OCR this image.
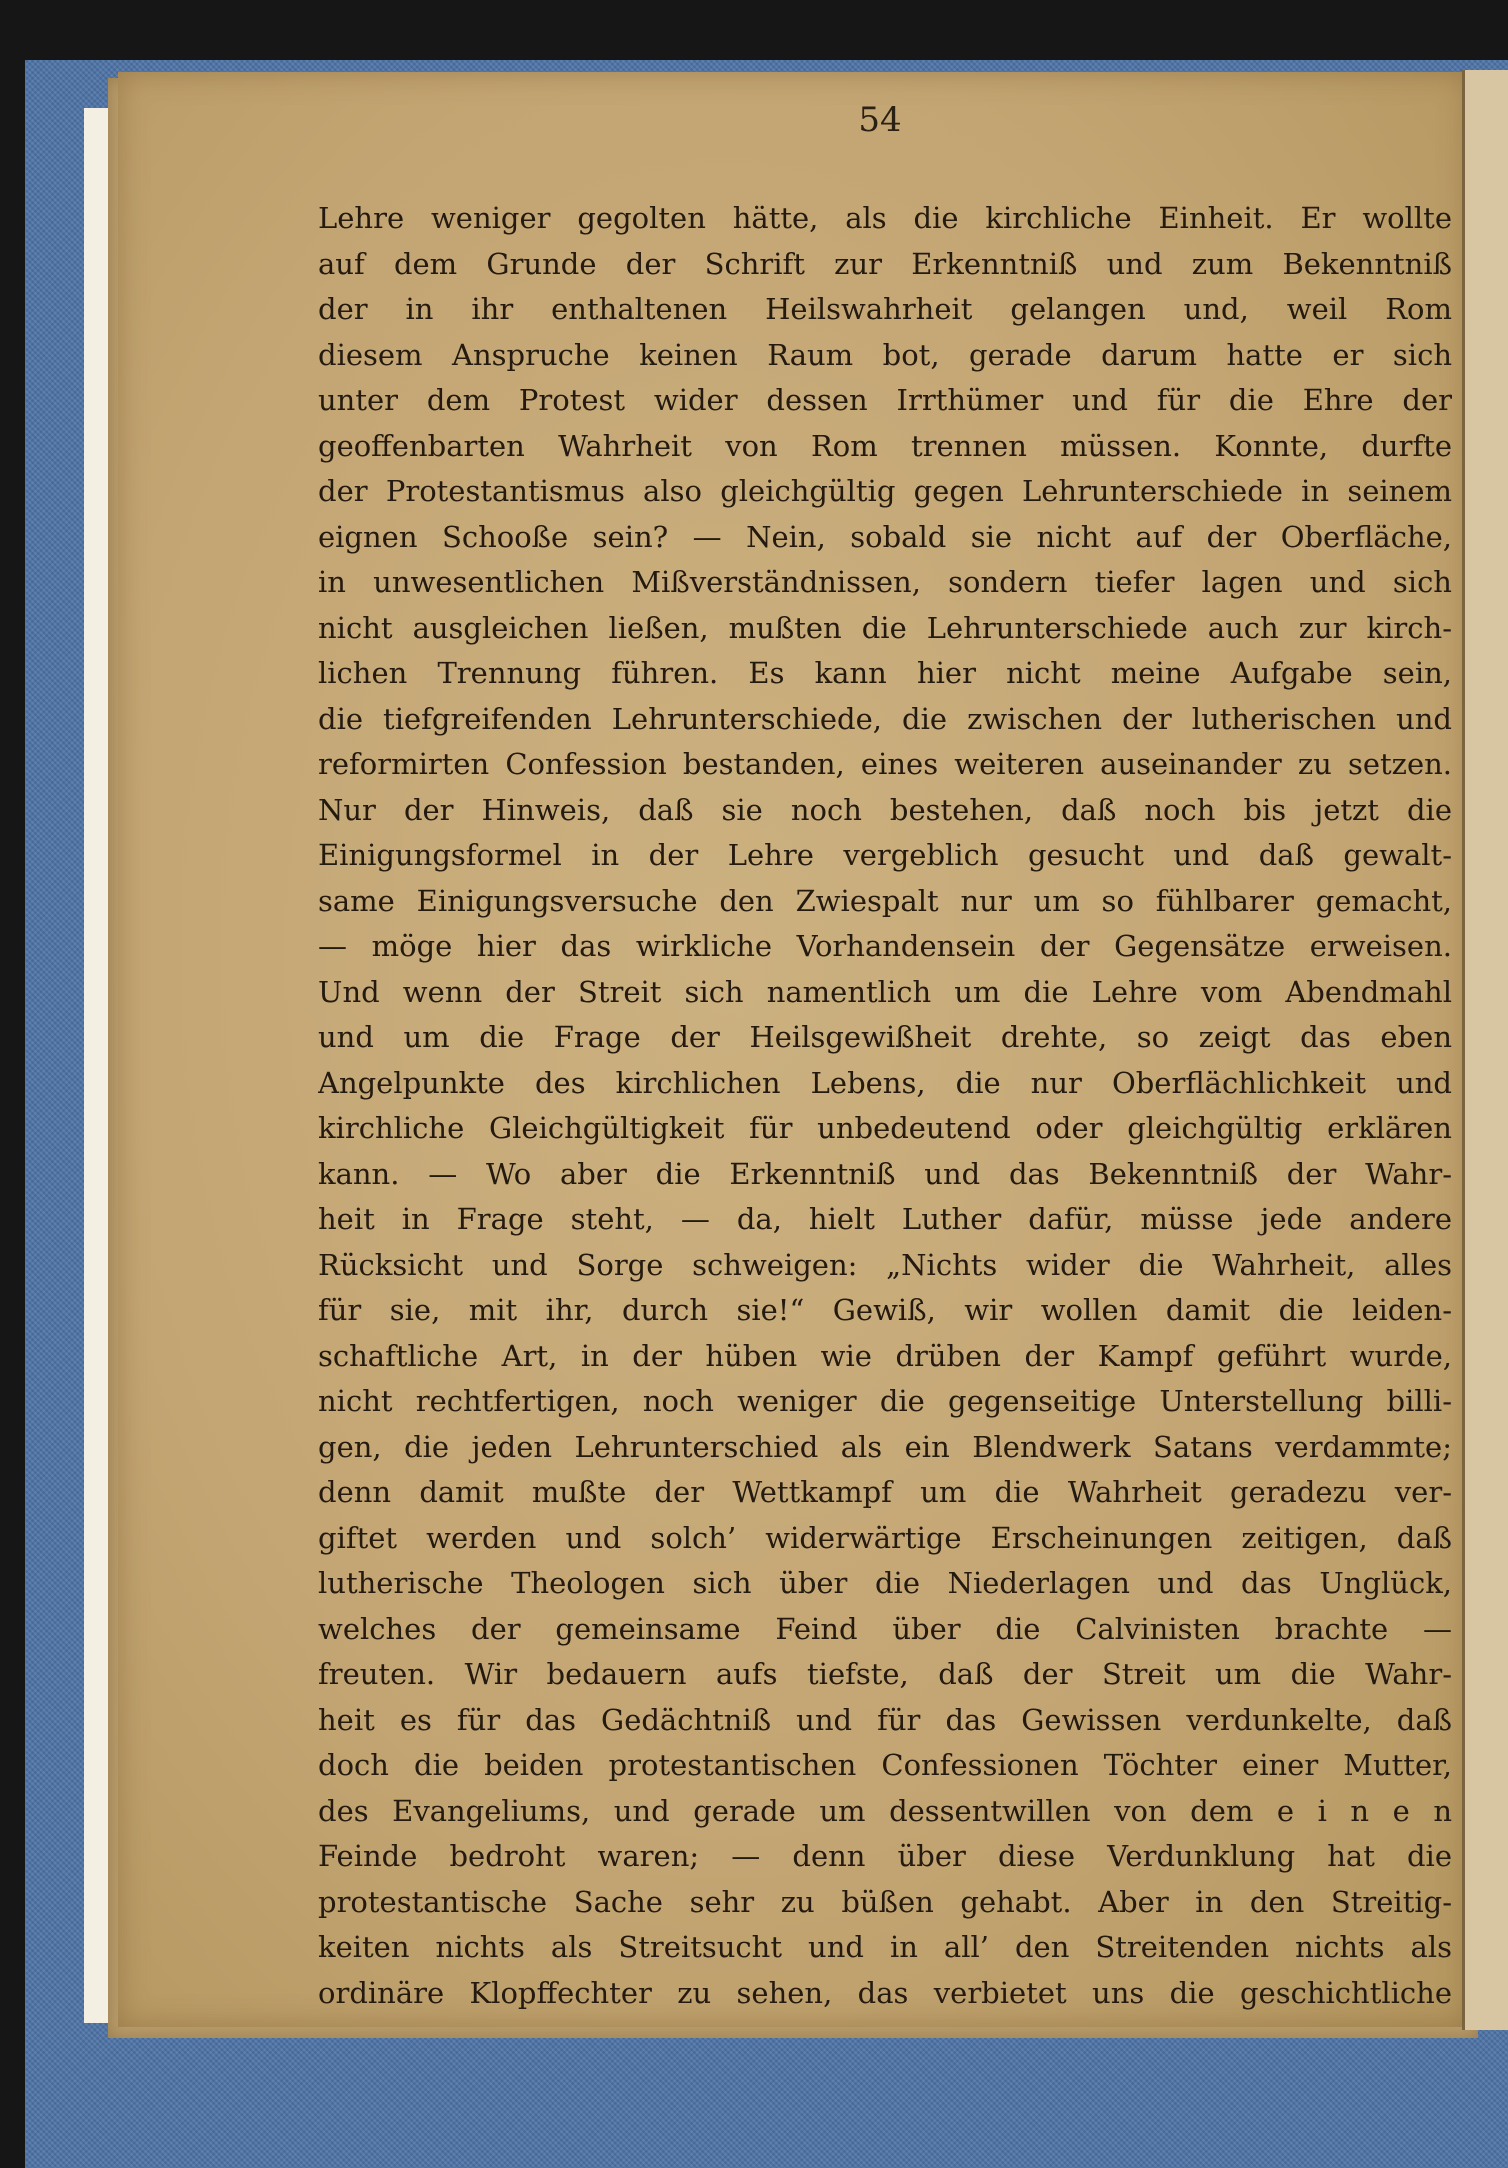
54
Lehre weniger gegolten hätte, als die kirchliche Einheit. Er wollte
auf dem Grunde der Schrift zur Erkenntniß und zum Bekenntniß
der in ihr enthaltenen Heilswahrheit gelangen und, weil Rom
diesem Anspruche keinen Raum bot, gerade darum hatte er sich
unter dem Protest wider dessen Irrthümer und für die Ehre der
geoffenbarten Wahrheit von Rom trennen müssen. Konnte, durfte
der Protestantismus also gleichgültig gegen Lehrunterschiede in seinem
eignen Schooße sein? — Nein, sobald sie nicht auf der Oberfläche,
in unwesentlichen Mißverständnissen, sondern tiefer lagen und sich
nicht ausgleichen ließen, mußten die Lehrunterschiede auch zur kirch-
lichen Trennung führen. Es kann hier nicht meine Aufgabe sein,
die tiefgreifenden Lehrunterschiede, die zwischen der lutherischen und
reformirten Confession bestanden, eines weiteren auseinander zu setzen.
Nur der Hinweis, daß sie noch bestehen, daß noch bis jetzt die
Einigungsformel in der Lehre vergeblich gesucht und daß gewalt-
same Einigungsversuche den Zwiespalt nur um so fühlbarer gemacht,
— möge hier das wirkliche Vorhandensein der Gegensätze erweisen.
Und wenn der Streit sich namentlich um die Lehre vom Abendmahl
und um die Frage der Heilsgewißheit drehte, so zeigt das eben
Angelpunkte des kirchlichen Lebens, die nur Oberflächlichkeit und
kirchliche Gleichgültigkeit für unbedeutend oder gleichgültig erklären
kann. — Wo aber die Erkenntniß und das Bekenntniß der Wahr-
heit in Frage steht, — da, hielt Luther dafür, müsse jede andere
Rücksicht und Sorge schweigen: „Nichts wider die Wahrheit, alles
für sie, mit ihr, durch sie!“ Gewiß, wir wollen damit die leiden-
schaftliche Art, in der hüben wie drüben der Kampf geführt wurde,
nicht rechtfertigen, noch weniger die gegenseitige Unterstellung billi-
gen, die jeden Lehrunterschied als ein Blendwerk Satans verdammte;
denn damit mußte der Wettkampf um die Wahrheit geradezu ver-
giftet werden und solch’ widerwärtige Erscheinungen zeitigen, daß
lutherische Theologen sich über die Niederlagen und das Unglück,
welches der gemeinsame Feind über die Calvinisten brachte —
freuten. Wir bedauern aufs tiefste, daß der Streit um die Wahr-
heit es für das Gedächtniß und für das Gewissen verdunkelte, daß
doch die beiden protestantischen Confessionen Töchter einer Mutter,
des Evangeliums, und gerade um dessentwillen von dem e i n e n
Feinde bedroht waren; — denn über diese Verdunklung hat die
protestantische Sache sehr zu büßen gehabt. Aber in den Streitig-
keiten nichts als Streitsucht und in all’ den Streitenden nichts als
ordinäre Klopffechter zu sehen, das verbietet uns die geschichtliche
